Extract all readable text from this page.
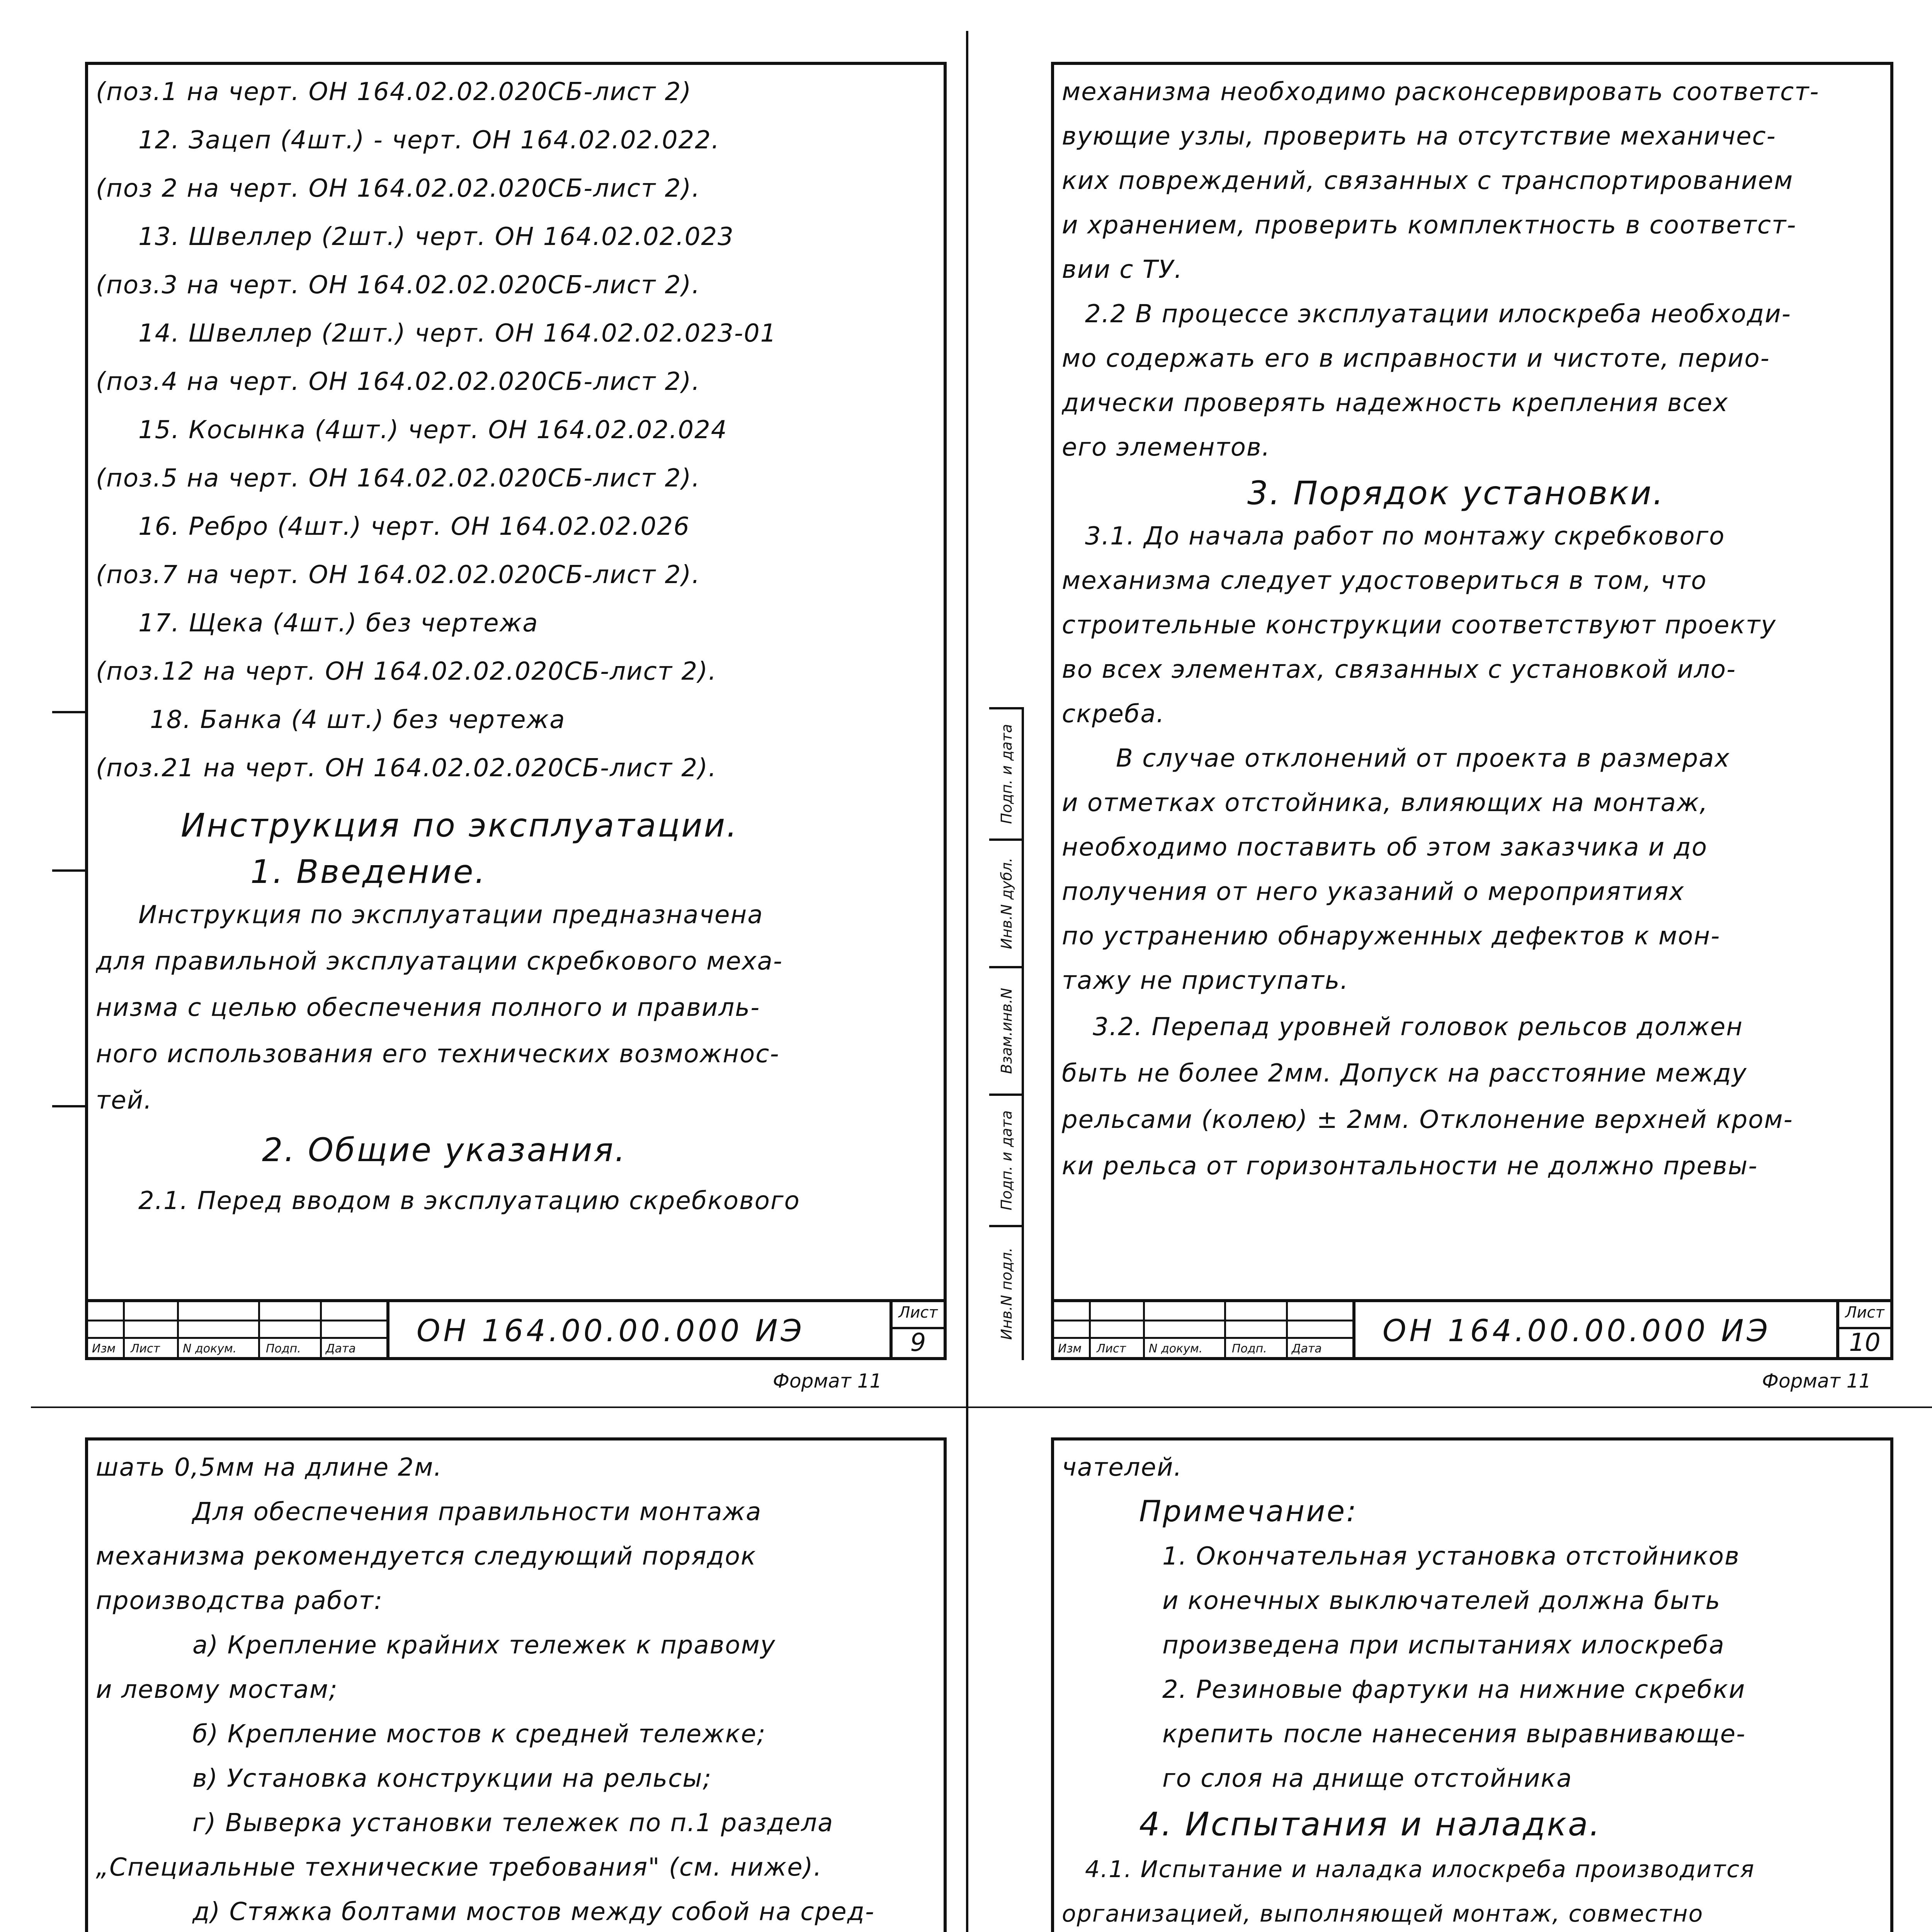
(поз.1 на черт. ОН 164.02.02.020СБ-лист 2)
12. Зацеп (4шт.) - черт. ОН 164.02.02.022.
(поз 2 на черт. ОН 164.02.02.020СБ-лист 2).
13. Швеллер (2шт.) черт. ОН 164.02.02.023
(поз.3 на черт. ОН 164.02.02.020СБ-лист 2).
14. Швеллер (2шт.) черт. ОН 164.02.02.023-01
(поз.4 на черт. ОН 164.02.02.020СБ-лист 2).
15. Косынка (4шт.) черт. ОН 164.02.02.024
(поз.5 на черт. ОН 164.02.02.020СБ-лист 2).
16. Ребро (4шт.) черт. ОН 164.02.02.026
(поз.7 на черт. ОН 164.02.02.020СБ-лист 2).
17. Щека (4шт.) без чертежа
(поз.12 на черт. ОН 164.02.02.020СБ-лист 2).
18. Банка (4 шт.) без чертежа
(поз.21 на черт. ОН 164.02.02.020СБ-лист 2).
Инструкция по эксплуатации.
1. Введение.
Инструкция по эксплуатации предназначена
для правильной эксплуатации скребкового меха-
низма с целью обеспечения полного и правиль-
ного использования его технических возможнос-
тей.
2. Общие указания.
2.1. Перед вводом в эксплуатацию скребкового
Изм Лист N докум.	Подп. Дата
ОН 164.00.00.000 ИЭ
Лист
9
Формат 11
Подп. и дата
Инв.N дубл.
Взам.инв.N
Подп. и дата
Инв.N подл.
механизма необходимо расконсервировать соответст-
вующие узлы, проверить на отсутствие механичес-
ких повреждений, связанных с транспортированием
и хранением, проверить комплектность в соответст-
вии с ТУ.
2.2 В процессе эксплуатации илоскреба необходи-
мо содержать его в исправности и чистоте, перио-
дически проверять надежность крепления всех
его элементов.
3. Порядок установки.
3.1. До начала работ по монтажу скребкового
механизма следует удостовериться в том, что
строительные конструкции соответствуют проекту
во всех элементах, связанных с установкой ило-
скреба.
В случае отклонений от проекта в размерах
и отметках отстойника, влияющих на монтаж,
необходимо поставить об этом заказчика и до
получения от него указаний о мероприятиях
по устранению обнаруженных дефектов к мон-
тажу не приступать.
3.2. Перепад уровней головок рельсов должен
быть не более 2мм. Допуск на расстояние между
рельсами (колею) ± 2мм. Отклонение верхней кром-
ки рельса от горизонтальности не должно превы-
Изм Лист N докум.	Подп. Дата
ОН 164.00.00.000 ИЭ
Лист
10
Формат 11
шать 0,5мм на длине 2м.
Для обеспечения правильности монтажа
механизма рекомендуется следующий порядок
производства работ:
а) Крепление крайних тележек к правому
и левому мостам;
б) Крепление мостов к средней тележке;
в) Установка конструкции на рельсы;
г) Выверка установки тележек по п.1 раздела
„Специальные технические требования" (см. ниже).
д) Стяжка болтами мостов между собой на сред-
чателей.
Примечание:
1. Окончательная установка отстойников
и конечных выключателей должна быть
произведена при испытаниях илоскреба
2. Резиновые фартуки на нижние скребки
крепить после нанесения выравнивающе-
го слоя на днище отстойника
4. Испытания и наладка.
4.1. Испытание и наладка илоскреба производится
организацией, выполняющей монтаж, совместно
